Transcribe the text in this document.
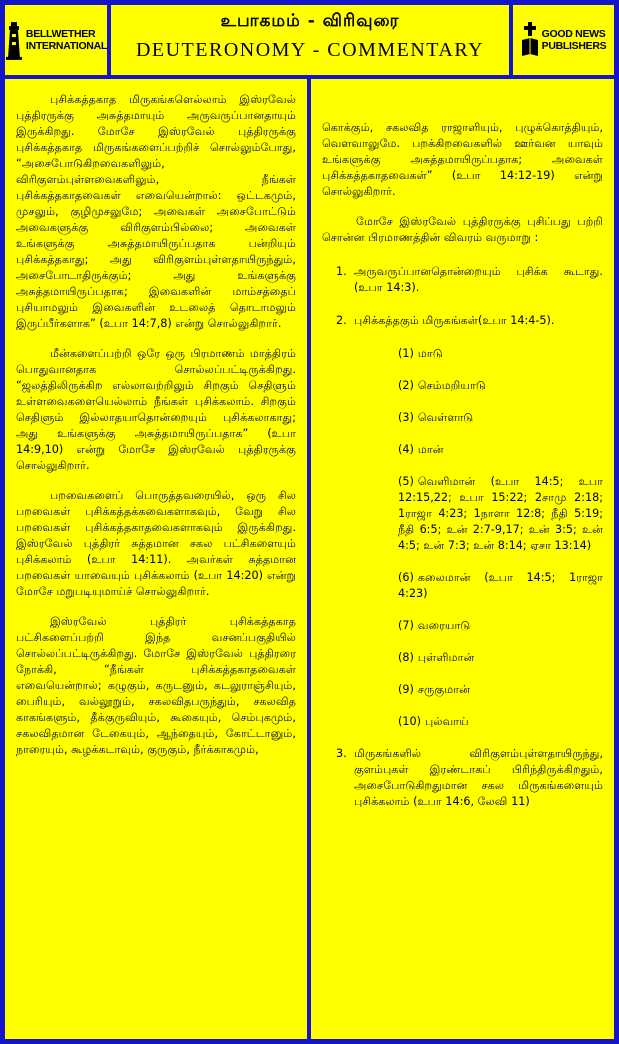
BELLWETHER
INTERNATIONAL
உபாகமம் - விரிவுரை
DEUTERONOMY - COMMENTARY
GOOD NEWS
PUBLISHERS

புசிக்கத்தகாத மிருகங்களெல்லாம் இஸ்ரவேல் புத்திரருக்கு அசுத்தமாயும் அருவருப்பானதாயும் இருக்கிறது. மோசே இஸ்ரவேல் புத்திரருக்கு புசிக்கத்தகாத மிருகங்களைப்பற்றிச் சொல்லும்போது, “அசைபோடுகிறவைகளிலும், விரிகுளம்புள்ளவைகளிலும், நீங்கள் புசிக்கத்தகாதவைகள் எவையென்றால்: ஒட்டகமும், முசலும், குழிமுசலுமே; அவைகள் அசைபோட்டும் அவைகளுக்கு விரிகுளம்பில்லை; அவைகள் உங்களுக்கு அசுத்தமாயிருப்பதாக பன்றியும் புசிக்கத்தகாது; அது விரிகுளம்புள்ளதாயிருந்தும், அசைபோடாதிருக்கும்; அது உங்களுக்கு அசுத்தமாயிருப்பதாக; இவைகளின் மாம்சத்தைப் புசியாமலும் இவைகளின் உடலைத் தொடாமலும் இருப்பீர்களாக” (உபா 14:7,8) என்று சொல்லுகிறார்.

மீன்களைப்பற்றி ஒரே ஒரு பிரமாணம் மாத்திரம் பொதுவானதாக சொல்லப்பட்டிருக்கிறது. “ஜலத்திலிருக்கிற எல்லாவற்றிலும் சிறகும் செதிளும் உள்ளவைகளையெல்லாம் நீங்கள் புசிக்கலாம். சிறகும் செதிளும் இல்லாதயாதொன்றையும் புசிக்கலாகாது; அது உங்களுக்கு அசுத்தமாயிருப்பதாக” (உபா 14:9,10) என்று மோசே இஸ்ரவேல் புத்திரருக்கு சொல்லுகிறார்.

பறவைகளைப் பொருத்தவரையில், ஒரு சில பறவைகள் புசிக்கத்தக்கவைகளாகவும், வேறு சில பறவைகள் புசிக்கத்தகாதவைகளாகவும் இருக்கிறது. இஸ்ரவேல் புத்திரர் சுத்தமான சகல பட்சிகளையும் புசிக்கலாம் (உபா 14:11). அவர்கள் சுத்தமான பறவைகள் யாவையும் புசிக்கலாம் (உபா 14:20) என்று மோசே மறுபடியுமாய்ச் சொல்லுகிறார்.

இஸ்ரவேல் புத்திரர் புசிக்கத்தகாத பட்சிகளைப்பற்றி இந்த வசனப்பகுதியில் சொல்லப்பட்டிருக்கிறது. மோசே இஸ்ரவேல் புத்திரரை நோக்கி, “நீங்கள் புசிக்கத்தகாதவைகள் எவையென்றால்; கழுகும், கருடனும், கடலுராஞ்சியும், பைரியும், வல்லூறும், சகலவிதபருந்தும், சகலவித காகங்களும், தீக்குருவியும், கூகையும், செம்புகமும், சகலவிதமான டேகையும், ஆந்தையும், கோட்டானும், நாரையும், கூழக்கடாவும், குருகும், நீர்க்காகமும்,

கொக்கும், சகலவித ராஜாளியும், புழுக்கொத்தியும், வௌவாலுமே. பறக்கிறவைகளில் ஊர்வன யாவும் உங்களுக்கு அசுத்தமாயிருப்பதாக; அவைகள் புசிக்கத்தகாதவைகள்” (உபா 14:12-19) என்று சொல்லுகிறார்.

மோசே இஸ்ரவேல் புத்திரருக்கு புசிப்பது பற்றி சொன்ன பிரமாணத்தின் விவரம் வருமாறு :

1. அருவருப்பானதொன்றையும் புசிக்க கூடாது. (உபா 14:3).
2. புசிக்கத்தகும் மிருகங்கள்(உபா 14:4-5).
(1) மாடு
(2) செம்மறியாடு
(3) வெள்ளாடு
(4) மான்
(5) வெளிமான் (உபா 14:5; உபா 12:15,22; உபா 15:22; 2சாமு 2:18; 1ராஜா 4:23; 1நாளா 12:8; நீதி 5:19; நீதி 6:5; உன் 2:7-9,17; உன் 3:5; உன் 4:5; உன் 7:3; உன் 8:14; ஏசா 13:14)
(6) கலைமான் (உபா 14:5; 1ராஜா 4:23)
(7) வரையாடு
(8) புள்ளிமான்
(9) சருகுமான்
(10) புல்வாய்
3. மிருகங்களில் விரிகுளம்புள்ளதாயிருந்து, குளம்புகள் இரண்டாகப் பிரிந்திருக்கிறதும், அசைபோடுகிறதுமான சகல மிருகங்களையும் புசிக்கலாம் (உபா 14:6, லேவி 11)
